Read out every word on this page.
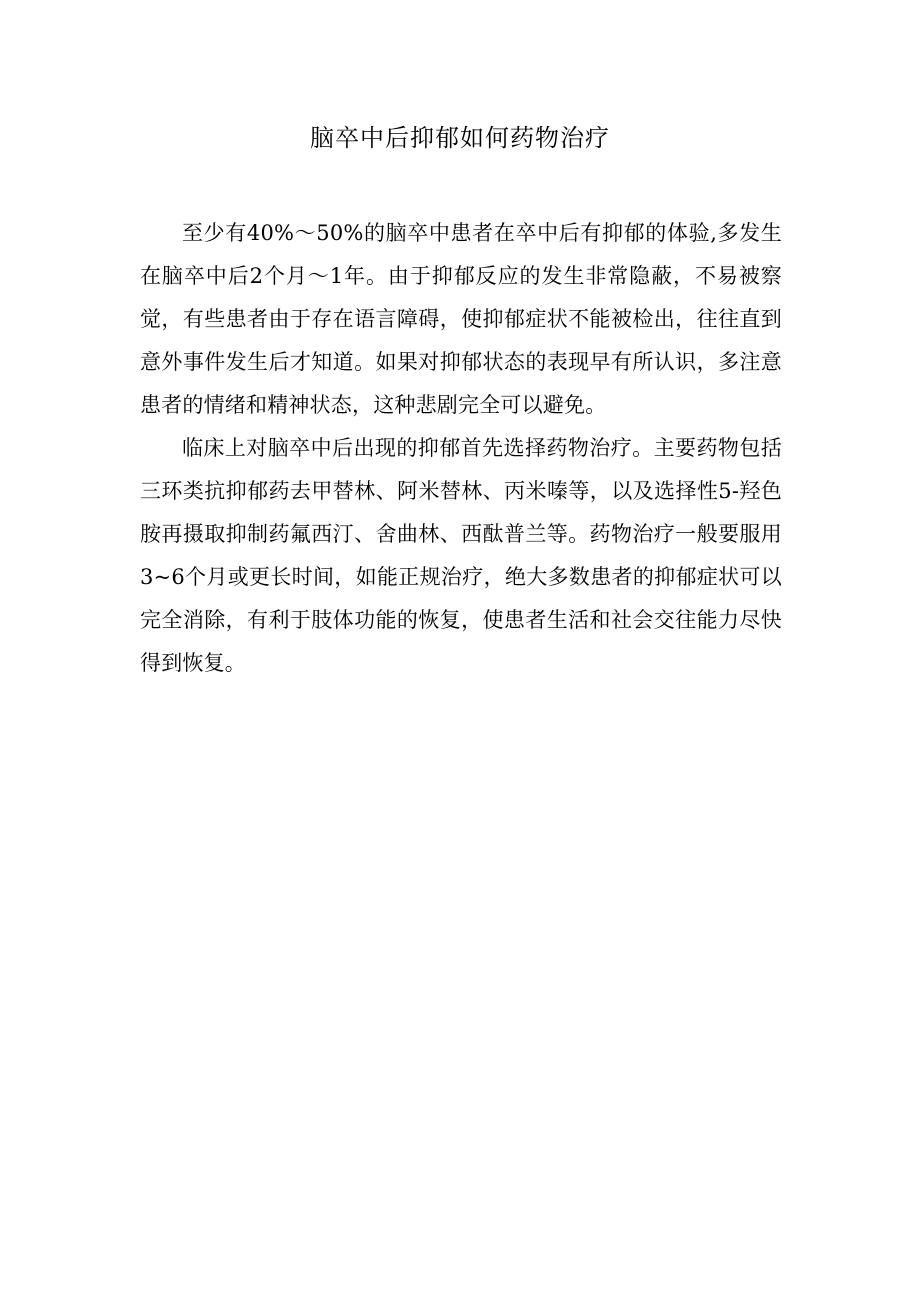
脑卒中后抑郁如何药物治疗

至少有40%～50%的脑卒中患者在卒中后有抑郁的体验,多发生在脑卒中后2个月～1年。由于抑郁反应的发生非常隐蔽，不易被察觉，有些患者由于存在语言障碍，使抑郁症状不能被检出，往往直到意外事件发生后才知道。如果对抑郁状态的表现早有所认识，多注意患者的情绪和精神状态，这种悲剧完全可以避免。

临床上对脑卒中后出现的抑郁首先选择药物治疗。主要药物包括三环类抗抑郁药去甲替林、阿米替林、丙米嗪等，以及选择性5-羟色胺再摄取抑制药氟西汀、舍曲林、西酞普兰等。药物治疗一般要服用3~6个月或更长时间，如能正规治疗，绝大多数患者的抑郁症状可以完全消除，有利于肢体功能的恢复，使患者生活和社会交往能力尽快得到恢复。
